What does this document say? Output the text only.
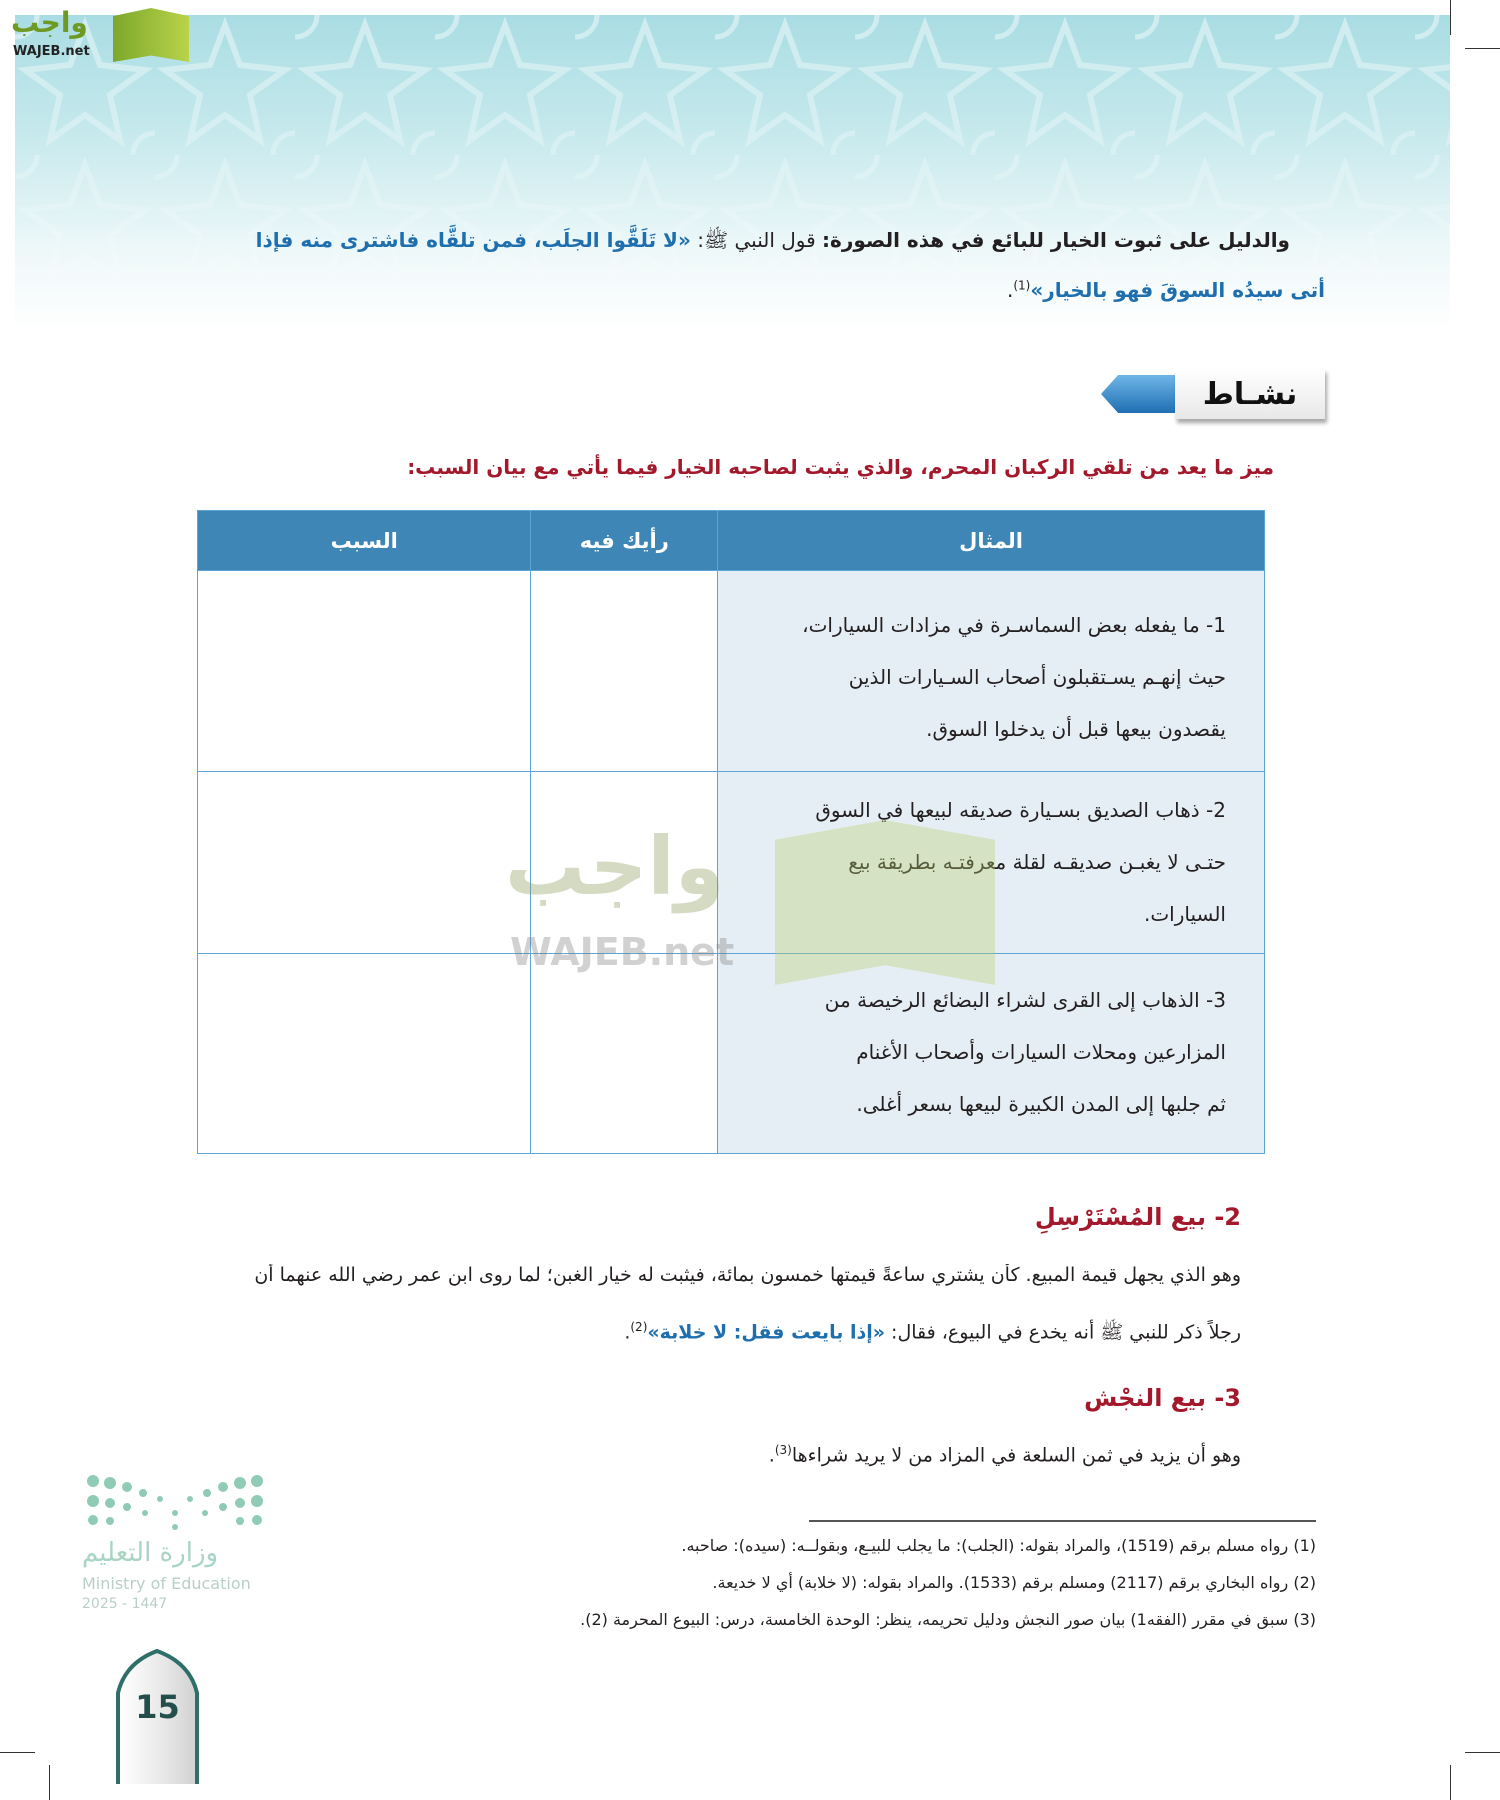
واجب
WAJEB.net
والدليل على ثبوت الخيار للبائع في هذه الصورة: قول النبي ﷺ: «لا تَلَقَّوا الجلَب، فمن تلقَّاه فاشترى منه فإذا
أتى سيدُه السوقَ فهو بالخيار»$^{(1)}$.
نشـاط
ميز ما يعد من تلقي الركبان المحرم، والذي يثبت لصاحبه الخيار فيما يأتي مع بيان السبب:
المثال	رأيك فيه	السبب

1- ما يفعله بعض السماسـرة في مزادات السيارات،
حيث إنهـم يسـتقبلون أصحاب السـيارات الذين
يقصدون بيعها قبل أن يدخلوا السوق.		

2- ذهاب الصديق بسـيارة صديقه لبيعها في السوق
حتـى لا يغبـن صديقـه لقلة معرفتـه بطريقة بيع
السيارات.		

3- الذهاب إلى القرى لشراء البضائع الرخيصة من
المزارعين ومحلات السيارات وأصحاب الأغنام
ثم جلبها إلى المدن الكبيرة لبيعها بسعر أغلى.		

واجب
WAJEB.net
2- بيع المُسْتَرْسِلِ
وهو الذي يجهل قيمة المبيع. كأن يشتري ساعةً قيمتها خمسون بمائة، فيثبت له خيار الغبن؛ لما روى ابن عمر رضي الله عنهما أن
رجلاً ذكر للنبي ﷺ أنه يخدع في البيوع، فقال: «إذا بايعت فقل: لا خلابة»$^{(2)}$.
3- بيع النجْش
وهو أن يزيد في ثمن السلعة في المزاد من لا يريد شراءها$^{(3)}$.
(1) رواه مسلم برقم (1519)، والمراد بقوله: (الجلب): ما يجلب للبيـع، وبقولــه: (سيده): صاحبه.
(2) رواه البخاري برقم (2117) ومسلم برقم (1533). والمراد بقوله: (لا خلابة) أي لا خديعة.
(3) سبق في مقرر (الفقه1) بيان صور النجش ودليل تحريمه، ينظر: الوحدة الخامسة، درس: البيوع المحرمة (2).
وزارة التعليم
Ministry of Education
2025 - 1447
15
